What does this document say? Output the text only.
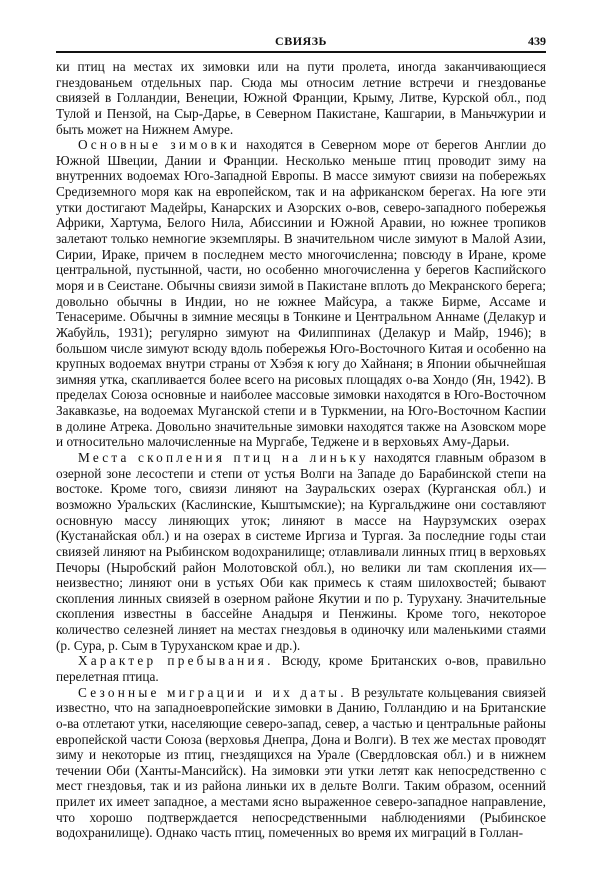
СВИЯЗЬ	439

ки птиц на местах их зимовки или на пути пролета, иногда заканчивающиеся гнездованьем отдельных пар. Сюда мы относим летние встречи и гнездованье свиязей в Голландии, Венеции, Южной Франции, Крыму, Литве, Курской обл., под Тулой и Пензой, на Сыр-Дарье, в Северном Пакистане, Кашгарии, в Маньчжурии и быть может на Нижнем Амуре.

Основные зимовки находятся в Северном море от берегов Англии до Южной Швеции, Дании и Франции. Несколько меньше птиц проводит зиму на внутренних водоемах Юго-Западной Европы. В массе зимуют свиязи на побережьях Средиземного моря как на европейском, так и на африканском берегах. На юге эти утки достигают Мадейры, Канарских и Азорских о-вов, северо-западного побережья Африки, Хартума, Белого Нила, Абиссинии и Южной Аравии, но южнее тропиков залетают только немногие экземпляры. В значительном числе зимуют в Малой Азии, Сирии, Ираке, причем в последнем место многочисленна; повсюду в Иране, кроме центральной, пустынной, части, но особенно многочисленна у берегов Каспийского моря и в Сеистане. Обычны свиязи зимой в Пакистане вплоть до Мекранского берега; довольно обычны в Индии, но не южнее Майсура, а также Бирме, Ассаме и Тенасериме. Обычны в зимние месяцы в Тонкине и Центральном Аннаме (Делакур и Жабуйль, 1931); регулярно зимуют на Филиппинах (Делакур и Майр, 1946); в большом числе зимуют всюду вдоль побережья Юго-Восточного Китая и особенно на крупных водоемах внутри страны от Хэбэя к югу до Хайнаня; в Японии обычнейшая зимняя утка, скапливается более всего на рисовых площадях о-ва Хондо (Ян, 1942). В пределах Союза основные и наиболее массовые зимовки находятся в Юго-Восточном Закавказье, на водоемах Муганской степи и в Туркмении, на Юго-Восточном Каспии в долине Атрека. Довольно значительные зимовки находятся также на Азовском море и относительно малочисленные на Мургабе, Теджене и в верховьях Аму-Дарьи.

Места скопления птиц на линьку находятся главным образом в озерной зоне лесостепи и степи от устья Волги на Западе до Барабинской степи на востоке. Кроме того, свиязи линяют на Зауральских озерах (Курганская обл.) и возможно Уральских (Каслинские, Кыштымские); на Кургальджине они составляют основную массу линяющих уток; линяют в массе на Наурзумских озерах (Кустанайская обл.) и на озерах в системе Иргиза и Тургая. За последние годы стаи свиязей линяют на Рыбинском водохранилище; отлавливали линных птиц в верховьях Печоры (Ныробский район Молотовской обл.), но велики ли там скопления их—неизвестно; линяют они в устьях Оби как примесь к стаям шилохвостей; бывают скопления линных свиязей в озерном районе Якутии и по р. Турухану. Значительные скопления известны в бассейне Анадыря и Пенжины. Кроме того, некоторое количество селезней линяет на местах гнездовья в одиночку или маленькими стаями (р. Сура, р. Сым в Туруханском крае и др.).

Характер пребывания. Всюду, кроме Британских о-вов, правильно перелетная птица.

Сезонные миграции и их даты. В результате кольцевания свиязей известно, что на западноевропейские зимовки в Данию, Голландию и на Британские о-ва отлетают утки, населяющие северо-запад, север, а частью и центральные районы европейской части Союза (верховья Днепра, Дона и Волги). В тех же местах проводят зиму и некоторые из птиц, гнездящихся на Урале (Свердловская обл.) и в нижнем течении Оби (Ханты-Мансийск). На зимовки эти утки летят как непосредственно с мест гнездовья, так и из района линьки их в дельте Волги. Таким образом, осенний прилет их имеет западное, а местами ясно выраженное северо-западное направление, что хорошо подтверждается непосредственными наблюдениями (Рыбинское водохранилище). Однако часть птиц, помеченных во время их миграций в Голлан-
